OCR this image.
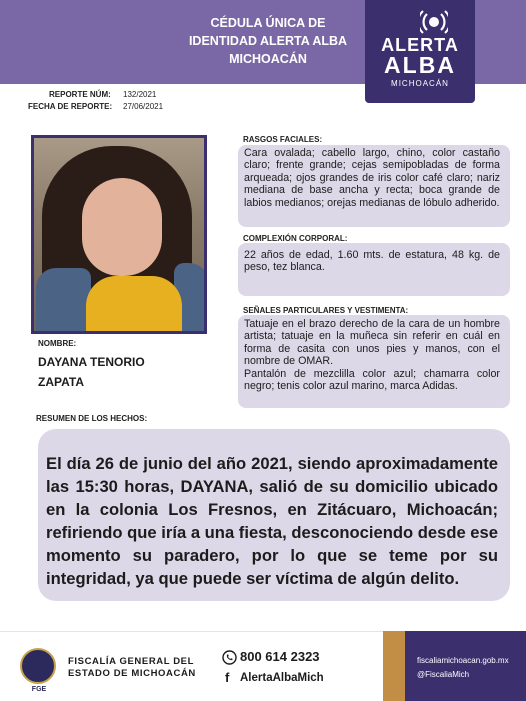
CÉDULA ÚNICA DE
IDENTIDAD ALERTA ALBA
MICHOACÁN
ALERTA
ALBA
MICHOACÁN
REPORTE NÚM: 132/2021
FECHA DE REPORTE: 27/06/2021
NOMBRE:
DAYANA TENORIO
ZAPATA
RASGOS FACIALES:
Cara ovalada; cabello largo, chino, color castaño claro; frente grande; cejas semipobladas de forma arqueada; ojos grandes de iris color café claro; nariz mediana de base ancha y recta; boca grande de labios medianos; orejas medianas de lóbulo adherido.
COMPLEXIÓN CORPORAL:
22 años de edad, 1.60 mts. de estatura, 48 kg. de peso, tez blanca.
SEÑALES PARTICULARES Y VESTIMENTA:
Tatuaje en el brazo derecho de la cara de un hombre artista; tatuaje en la muñeca sin referir en cuál en forma de casita con unos pies y manos, con el nombre de OMAR.
Pantalón de mezclilla color azul; chamarra color negro; tenis color azul marino, marca Adidas.
RESUMEN DE LOS HECHOS:
El día 26 de junio del año 2021, siendo aproximadamente las 15:30 horas, DAYANA, salió de su domicilio ubicado en la colonia Los Fresnos, en Zitácuaro, Michoacán; refiriendo que iría a una fiesta, desconociendo desde ese momento su paradero, por lo que se teme por su integridad, ya que puede ser víctima de algún delito.
FGE
FISCALÍA GENERAL DEL
ESTADO DE MICHOACÁN
800 614 2323
f AlertaAlbaMich
fiscaliamichoacan.gob.mx
@FiscaliaMich
